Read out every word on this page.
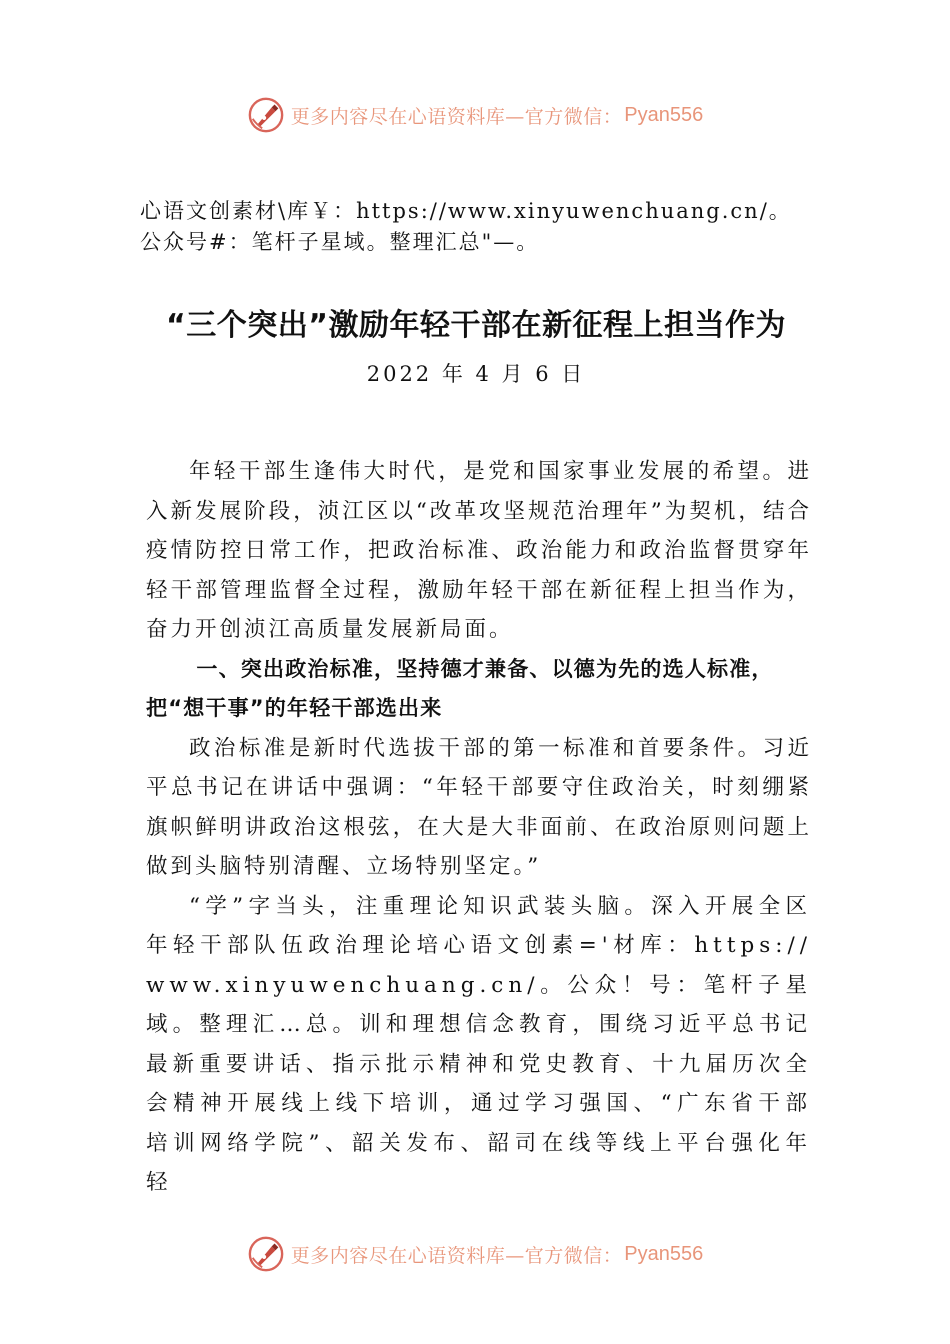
更多内容尽在心语资料库—官方微信： Pyan556

心语文创素材\库￥：https://www.xinyuwenchuang.cn/。公众号#：笔杆子星域。整理汇总"—。

“三个突出”激励年轻干部在新征程上担当作为
2022 年 4 月 6 日

年轻干部生逢伟大时代，是党和国家事业发展的希望。进入新发展阶段，浈江区以“改革攻坚规范治理年”为契机，结合疫情防控日常工作，把政治标准、政治能力和政治监督贯穿年轻干部管理监督全过程，激励年轻干部在新征程上担当作为，奋力开创浈江高质量发展新局面。

一、突出政治标准，坚持德才兼备、以德为先的选人标准，把“想干事”的年轻干部选出来

政治标准是新时代选拔干部的第一标准和首要条件。习近平总书记在讲话中强调：“年轻干部要守住政治关，时刻绷紧旗帜鲜明讲政治这根弦，在大是大非面前、在政治原则问题上做到头脑特别清醒、立场特别坚定。”

“学”字当头，注重理论知识武装头脑。深入开展全区年轻干部队伍政治理论培心语文创素='材库：https://www.xinyuwenchuang.cn/。公众！号：笔杆子星域。整理汇…总。训和理想信念教育，围绕习近平总书记最新重要讲话、指示批示精神和党史教育、十九届历次全会精神开展线上线下培训，通过学习强国、“广东省干部 培训网络学院”、韶关发布、韶司在线等线上平台强化年轻

更多内容尽在心语资料库—官方微信： Pyan556
